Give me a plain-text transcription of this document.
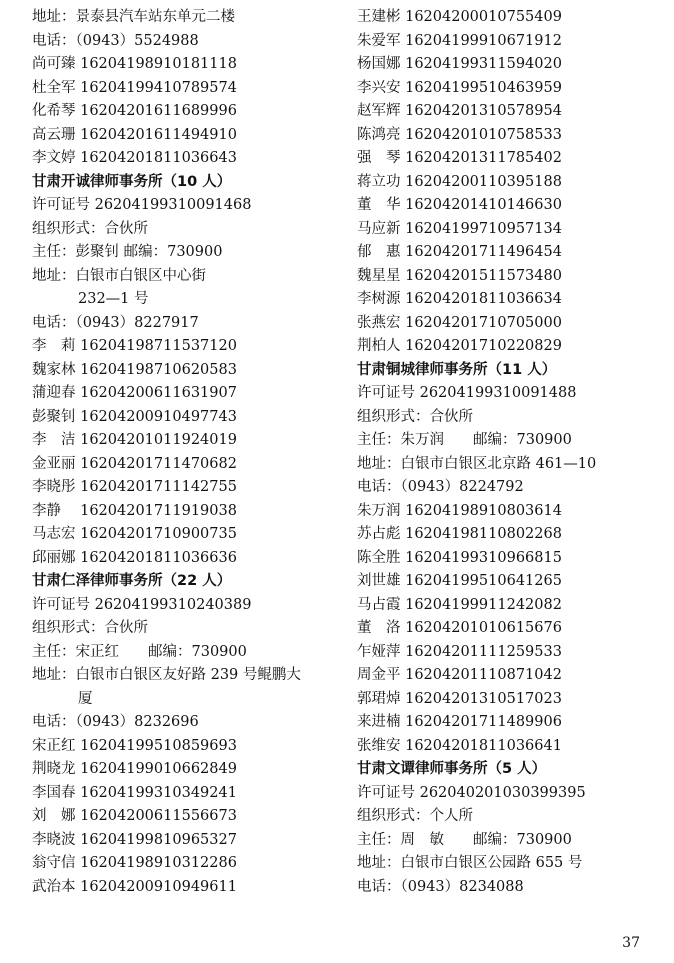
地址：景泰县汽车站东单元二楼
电话：（0943）5524988
尚可臻 16204198910181118
杜全军 16204199410789574
化希琴 16204201611689996
高云珊 16204201611494910
李文婷 16204201811036643
甘肃开诚律师事务所（10 人）
许可证号 26204199310091468
组织形式：合伙所
主任：彭聚钊 邮编：730900
地址：白银市白银区中心街
232—1 号
电话：（0943）8227917
李　莉 16204198711537120
魏家林 16204198710620583
蒲迎春 16204200611631907
彭聚钊 16204200910497743
李　洁 16204201011924019
金亚丽 16204201711470682
李晓彤 16204201711142755
李静　 16204201711919038
马志宏 16204201710900735
邱丽娜 16204201811036636
甘肃仁泽律师事务所（22 人）
许可证号 26204199310240389
组织形式：合伙所
主任：宋正红　　邮编：730900
地址：白银市白银区友好路 239 号鲲鹏大
厦
电话：（0943）8232696
宋正红 16204199510859693
荆晓龙 16204199010662849
李国春 16204199310349241
刘　娜 16204200611556673
李晓波 16204199810965327
翁守信 16204198910312286
武治本 16204200910949611
王建彬 16204200010755409
朱爱军 16204199910671912
杨国娜 16204199311594020
李兴安 16204199510463959
赵军辉 16204201310578954
陈鸿亮 16204201010758533
强　琴 16204201311785402
蒋立功 16204200110395188
董　华 16204201410146630
马应新 16204199710957134
郁　惠 16204201711496454
魏星星 16204201511573480
李树源 16204201811036634
张燕宏 16204201710705000
荆柏人 16204201710220829
甘肃铜城律师事务所（11 人）
许可证号 26204199310091488
组织形式：合伙所
主任：朱万润　　邮编：730900
地址：白银市白银区北京路 461—10
电话：（0943）8224792
朱万润 16204198910803614
苏占彪 16204198110802268
陈全胜 16204199310966815
刘世雄 16204199510641265
马占霞 16204199911242082
董　洛 16204201010615676
乍娅萍 16204201111259533
周金平 16204201110871042
郭珺焯 16204201310517023
来进楠 16204201711489906
张维安 16204201811036641
甘肃文谭律师事务所（5 人）
许可证号 262040201030399395
组织形式：个人所
主任：周　敏　　邮编：730900
地址：白银市白银区公园路 655 号
电话：（0943）8234088
37
